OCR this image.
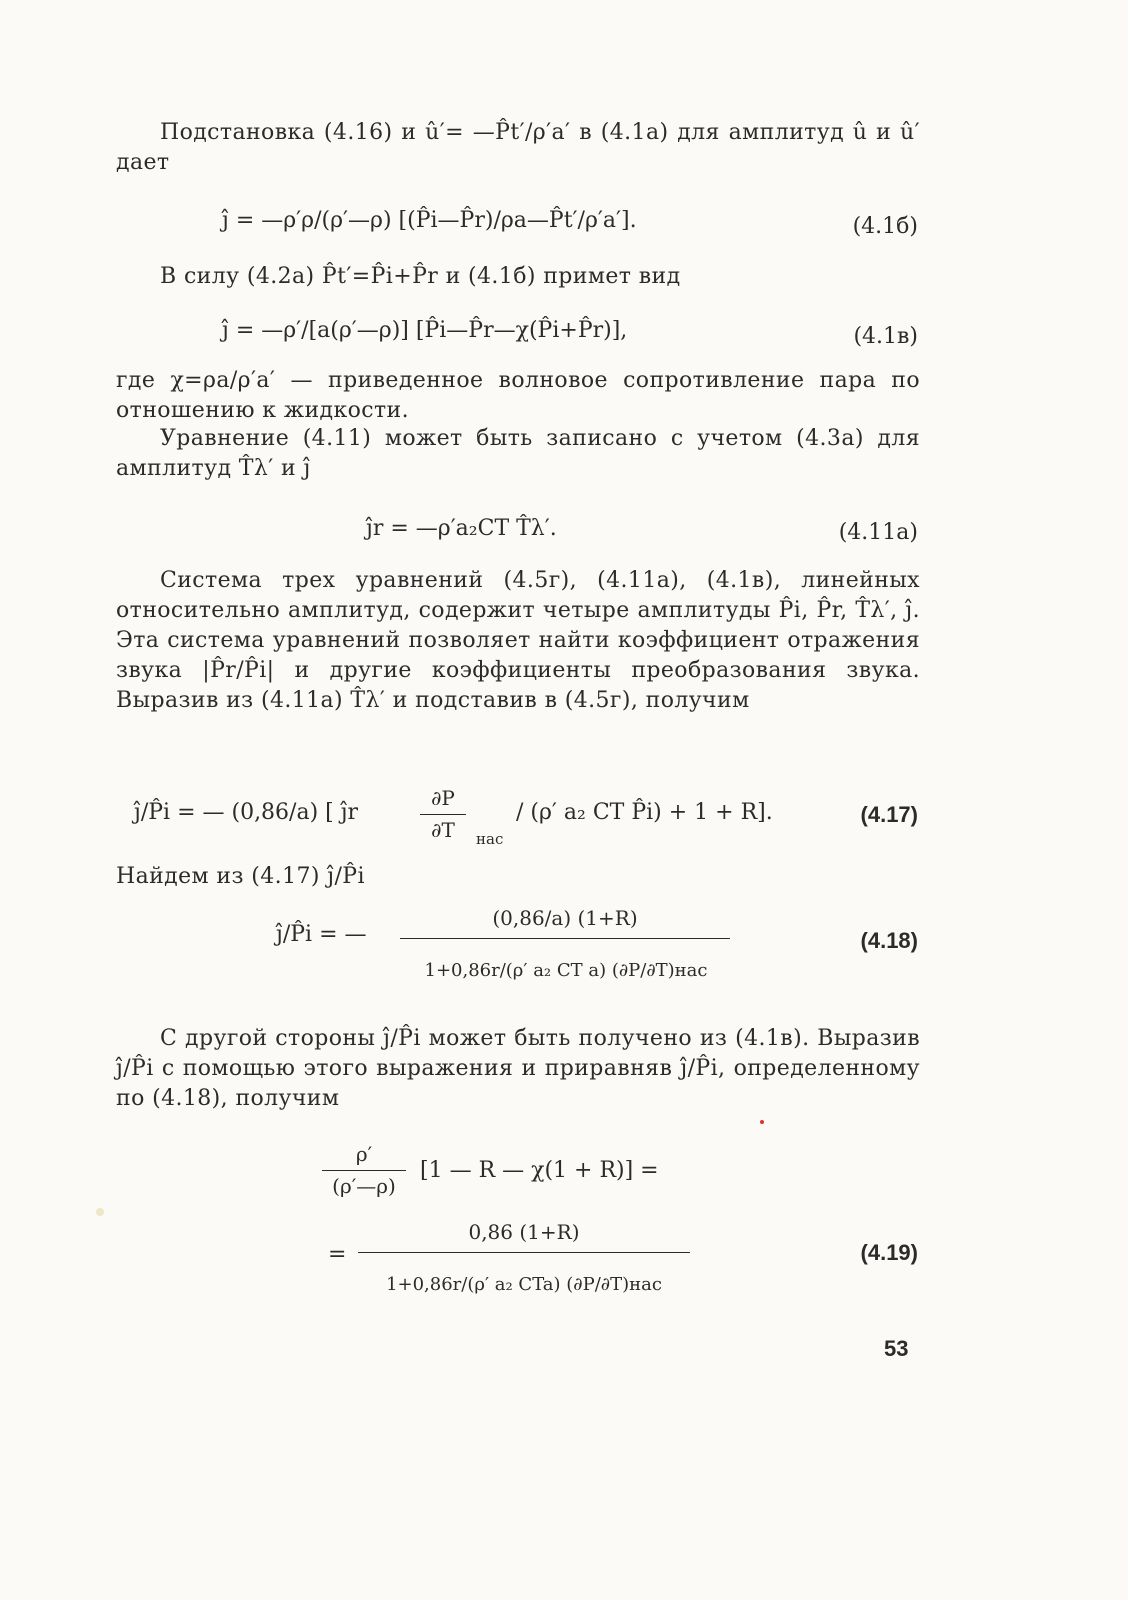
Подстановка (4.16) и û′= —P̂t′/ρ′a′ в (4.1a) для амплитуд û и û′ дает
ĵ = —ρ′ρ/(ρ′—ρ) [(P̂i—P̂r)/ρa—P̂t′/ρ′a′].	(4.1б)
В силу (4.2a) P̂t′=P̂i+P̂r и (4.1б) примет вид
ĵ = —ρ′/[a(ρ′—ρ)] [P̂i—P̂r—χ(P̂i+P̂r)],	(4.1в)
где χ=ρa/ρ′a′ — приведенное волновое сопротивление пара по отношению к жидкости.
Уравнение (4.11) может быть записано с учетом (4.3a) для амплитуд T̂λ′ и ĵ
ĵr = —ρ′a₂CT T̂λ′.	(4.11a)
Система трех уравнений (4.5г), (4.11a), (4.1в), линейных относительно амплитуд, содержит четыре амплитуды P̂i, P̂r, T̂λ′, ĵ. Эта система уравнений позволяет найти коэффициент отражения звука |P̂r/P̂i| и другие коэффициенты преобразования звука. Выразив из (4.11a) T̂λ′ и подставив в (4.5г), получим
ĵ/P̂i = — (0,86/a) [ ĵr
∂P
∂T	нас
/ (ρ′ a₂ CT P̂i) + 1 + R].	(4.17)
Найдем из (4.17) ĵ/P̂i
ĵ/P̂i = —
(0,86/a) (1+R)
1+0,86r/(ρ′ a₂ CT a) (∂P/∂T)нас
(4.18)
С другой стороны ĵ/P̂i может быть получено из (4.1в). Выразив ĵ/P̂i с помощью этого выражения и приравняв ĵ/P̂i, определенному по (4.18), получим
ρ′
(ρ′—ρ)
[1 — R — χ(1 + R)] =
=
0,86 (1+R)
1+0,86r/(ρ′ a₂ CTa) (∂P/∂T)нас
(4.19)
53
